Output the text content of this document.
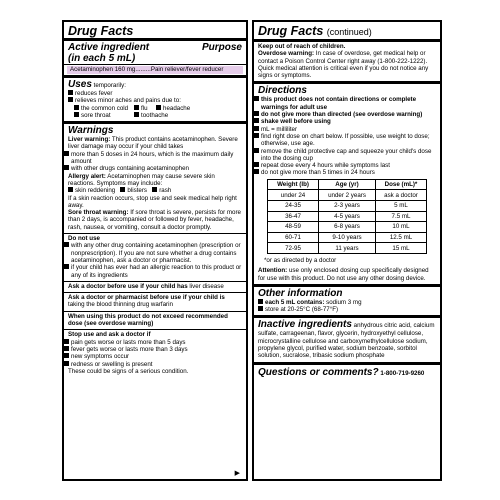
Drug Facts
Active ingredient	Purpose
(in each 5 mL)
Acetaminophen 160 mg.........Pain reliever/fever reducer
Uses temporarily:
reduces fever
relieves minor aches and pains due to:
the common cold	flu	headache
sore throat	toothache
Warnings
Liver warning: This product contains acetaminophen. Severe liver damage may occur if your child takes
more than 5 doses in 24 hours, which is the maximum daily amount
with other drugs containing acetaminophen
Allergy alert: Acetaminophen may cause severe skin reactions. Symptoms may include:
skin reddening blisters rash
If a skin reaction occurs, stop use and seek medical help right away.
Sore throat warning: If sore throat is severe, persists for more than 2 days, is accompanied or followed by fever, headache, rash, nausea, or vomiting, consult a doctor promptly.
Do not use
with any other drug containing acetaminophen (prescription or nonprescription). If you are not sure whether a drug contains acetaminophen, ask a doctor or pharmacist.
if your child has ever had an allergic reaction to this product or any of its ingredients
Ask a doctor before use if your child has liver disease
Ask a doctor or pharmacist before use if your child is taking the blood thinning drug warfarin
When using this product do not exceed recommended dose (see overdose warning)
Stop use and ask a doctor if
pain gets worse or lasts more than 5 days
fever gets worse or lasts more than 3 days
new symptoms occur
redness or swelling is present
These could be signs of a serious condition.
▶
Drug Facts (continued)
Keep out of reach of children.
Overdose warning: In case of overdose, get medical help or contact a Poison Control Center right away (1-800-222-1222). Quick medical attention is critical even if you do not notice any signs or symptoms.
Directions
this product does not contain directions or complete warnings for adult use
do not give more than directed (see overdose warning)
shake well before using
mL = milliliter
find right dose on chart below. If possible, use weight to dose; otherwise, use age.
remove the child protective cap and squeeze your child's dose into the dosing cup
repeat dose every 4 hours while symptoms last
do not give more than 5 times in 24 hours
Weight (lb)	Age (yr)	Dose (mL)*
under 24	under 2 years	ask a doctor
24-35	2-3 years	5 mL
36-47	4-5 years	7.5 mL
48-59	6-8 years	10 mL
60-71	9-10 years	12.5 mL
72-95	11 years	15 mL
*or as directed by a doctor
Attention: use only enclosed dosing cup specifically designed for use with this product. Do not use any other dosing device.
Other information
each 5 mL contains: sodium 3 mg
store at 20-25°C (68-77°F)
Inactive ingredients anhydrous citric acid, calcium sulfate, carrageenan, flavor, glycerin, hydroxyethyl cellulose, microcrystalline cellulose and carboxymethylcellulose sodium, propylene glycol, purified water, sodium benzoate, sorbitol solution, sucralose, tribasic sodium phosphate
Questions or comments? 1-800-719-9260
